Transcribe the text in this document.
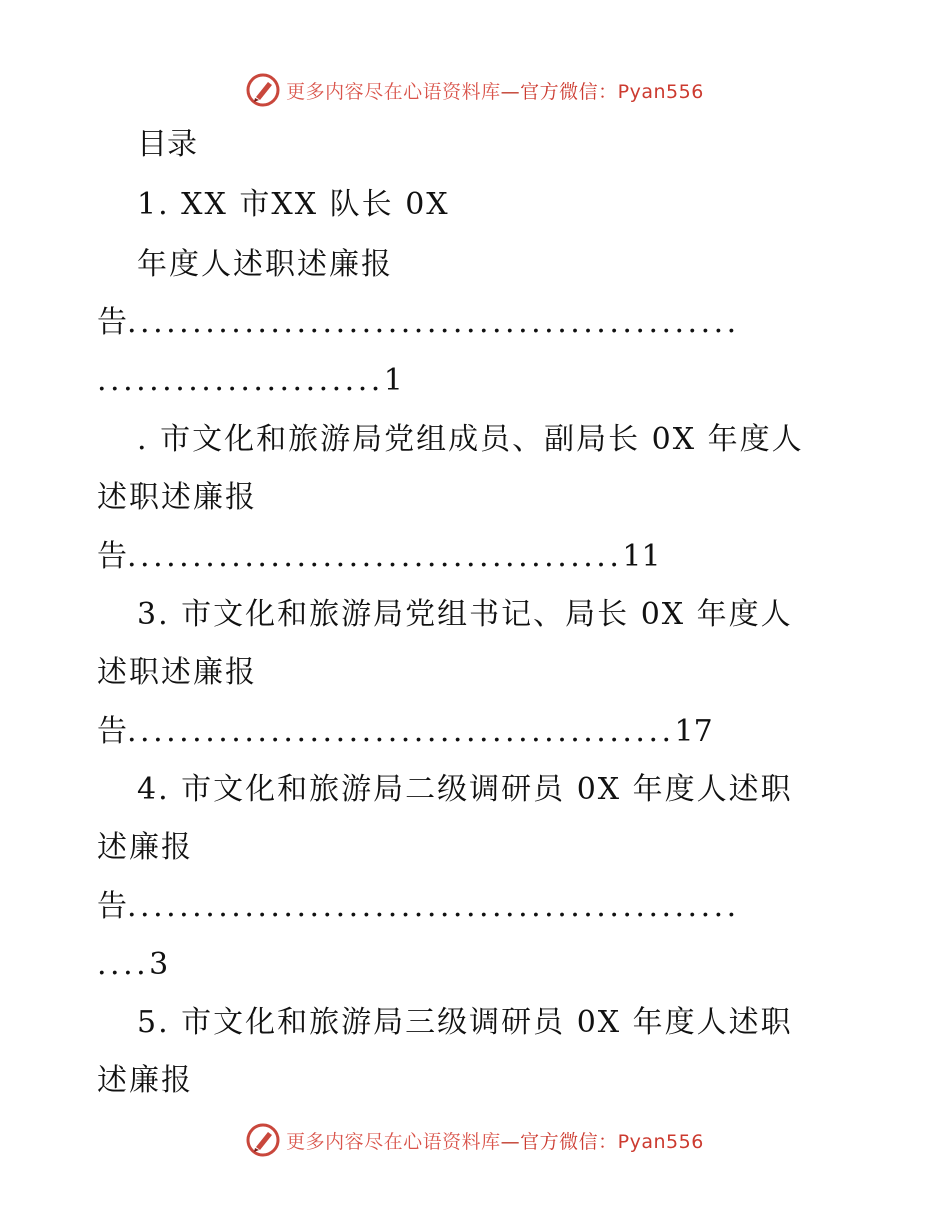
更多内容尽在心语资料库—官方微信：Pyan556
目录
1. XX 市XX 队长 0X
年度人述职述廉报
告...............................................
......................1
. 市文化和旅游局党组成员、副局长 0X 年度人
述职述廉报
告......................................11
3. 市文化和旅游局党组书记、局长 0X 年度人
述职述廉报
告..........................................17
4. 市文化和旅游局二级调研员 0X 年度人述职
述廉报
告...............................................
....3
5. 市文化和旅游局三级调研员 0X 年度人述职
述廉报
更多内容尽在心语资料库—官方微信：Pyan556
